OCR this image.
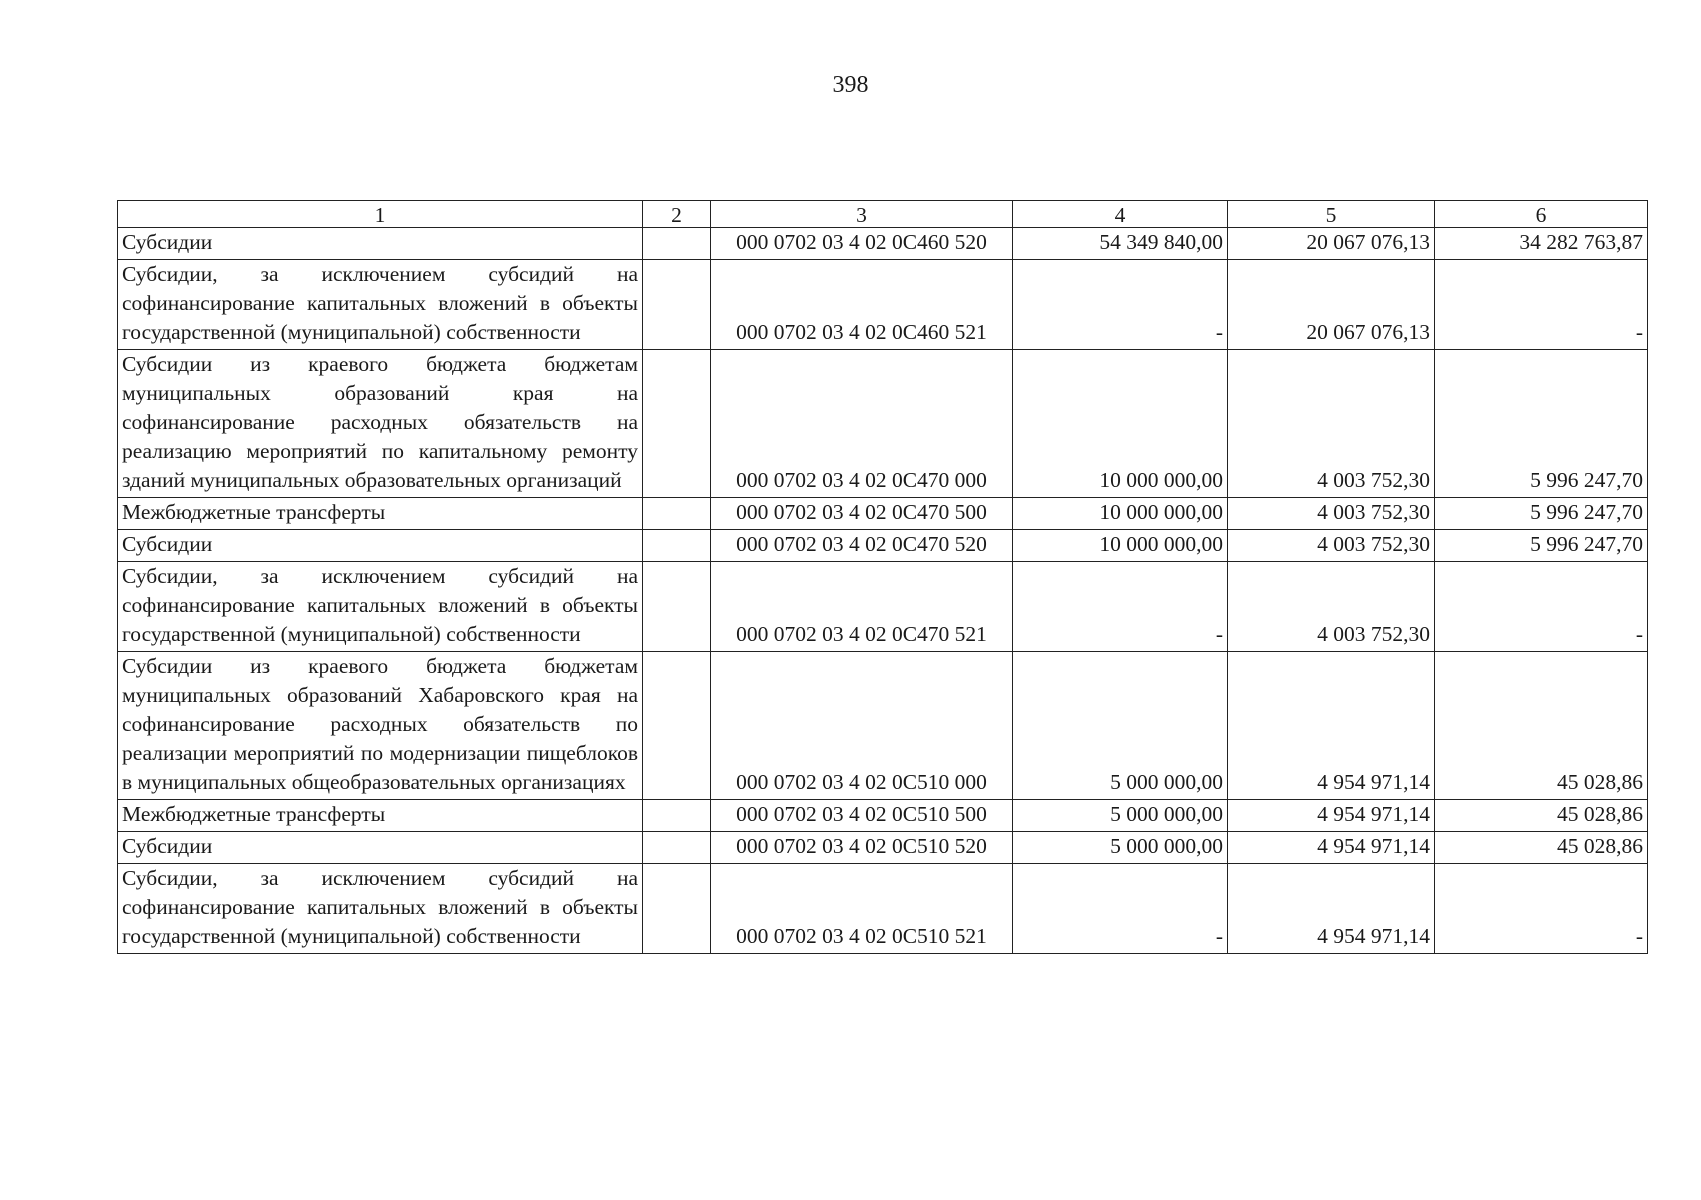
398
1	2	3	4	5	6
Субсидии		000 0702 03 4 02 0С460 520	54 349 840,00	20 067 076,13	34 282 763,87
Субсидии, за исключением субсидий на софинансирование капитальных вложений в объекты государственной (муниципальной) собственности		000 0702 03 4 02 0С460 521	-	20 067 076,13	-
Субсидии из краевого бюджета бюджетам муниципальных образований края на софинансирование расходных обязательств на реализацию мероприятий по капитальному ремонту зданий муниципальных образовательных организаций		000 0702 03 4 02 0С470 000	10 000 000,00	4 003 752,30	5 996 247,70
Межбюджетные трансферты		000 0702 03 4 02 0С470 500	10 000 000,00	4 003 752,30	5 996 247,70
Субсидии		000 0702 03 4 02 0С470 520	10 000 000,00	4 003 752,30	5 996 247,70
Субсидии, за исключением субсидий на софинансирование капитальных вложений в объекты государственной (муниципальной) собственности		000 0702 03 4 02 0С470 521	-	4 003 752,30	-
Субсидии из краевого бюджета бюджетам муниципальных образований Хабаровского края на софинансирование расходных обязательств по реализации мероприятий по модернизации пищеблоков в муниципальных общеобразовательных организациях		000 0702 03 4 02 0С510 000	5 000 000,00	4 954 971,14	45 028,86
Межбюджетные трансферты		000 0702 03 4 02 0С510 500	5 000 000,00	4 954 971,14	45 028,86
Субсидии		000 0702 03 4 02 0С510 520	5 000 000,00	4 954 971,14	45 028,86
Субсидии, за исключением субсидий на софинансирование капитальных вложений в объекты государственной (муниципальной) собственности		000 0702 03 4 02 0С510 521	-	4 954 971,14	-
